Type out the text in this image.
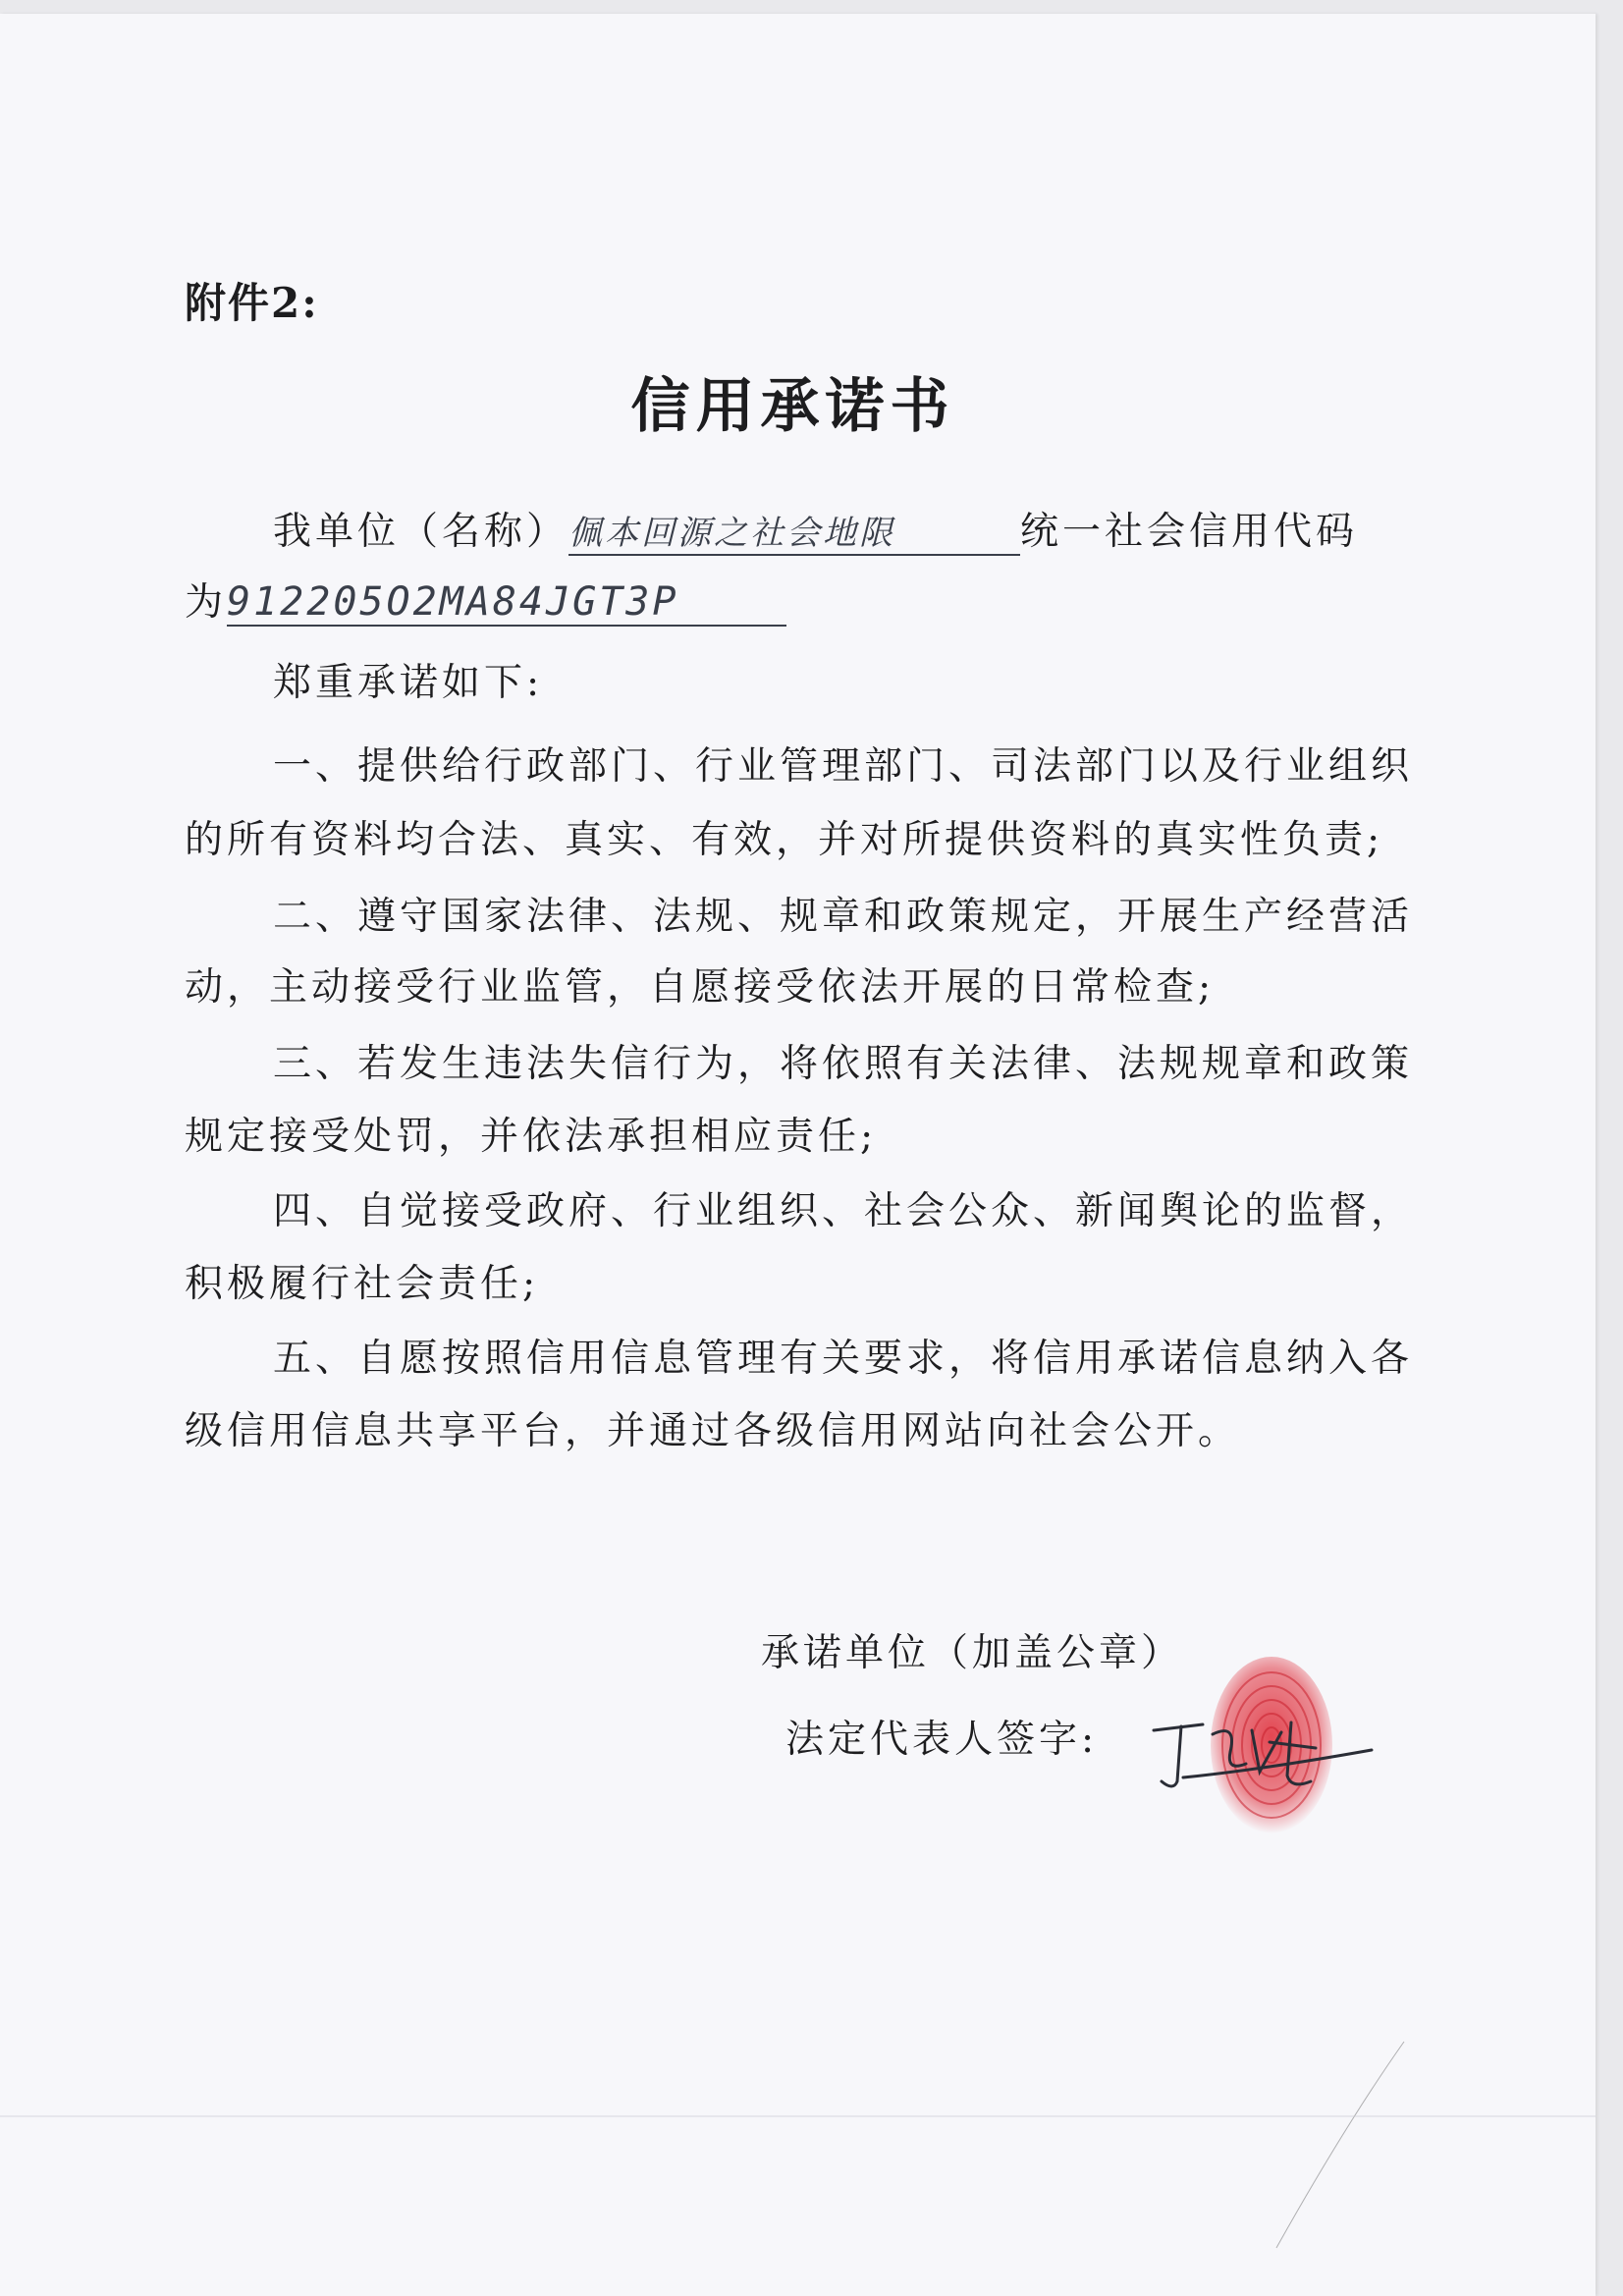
附件2:
信用承诺书
我单位（名称）佩本回源之社会地限	统一社会信用代码
为912205O2MA84JGT3P
郑重承诺如下:
一、提供给行政部门、行业管理部门、司法部门以及行业组织
的所有资料均合法、真实、有效，并对所提供资料的真实性负责;
二、遵守国家法律、法规、规章和政策规定，开展生产经营活
动，主动接受行业监管，自愿接受依法开展的日常检查;
三、若发生违法失信行为，将依照有关法律、法规规章和政策
规定接受处罚，并依法承担相应责任;
四、自觉接受政府、行业组织、社会公众、新闻舆论的监督，
积极履行社会责任;
五、自愿按照信用信息管理有关要求，将信用承诺信息纳入各
级信用信息共享平台，并通过各级信用网站向社会公开。
承诺单位（加盖公章）
法定代表人签字:
